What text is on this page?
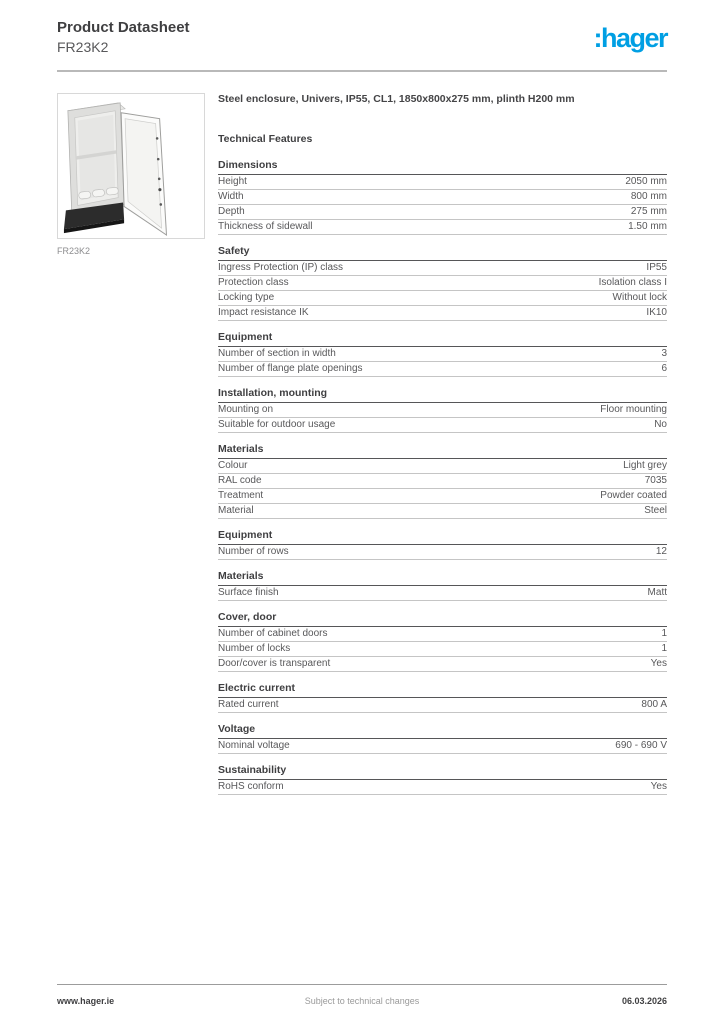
Product Datasheet
FR23K2	:hager
FR23K2
Steel enclosure, Univers, IP55, CL1, 1850x800x275 mm, plinth H200 mm
Technical Features
Dimensions
Height	2050 mm
Width	800 mm
Depth	275 mm
Thickness of sidewall	1.50 mm
Safety
Ingress Protection (IP) class	IP55
Protection class	Isolation class I
Locking type	Without lock
Impact resistance IK	IK10
Equipment
Number of section in width	3
Number of flange plate openings	6
Installation, mounting
Mounting on	Floor mounting
Suitable for outdoor usage	No
Materials
Colour	Light grey
RAL code	7035
Treatment	Powder coated
Material	Steel
Equipment
Number of rows	12
Materials
Surface finish	Matt
Cover, door
Number of cabinet doors	1
Number of locks	1
Door/cover is transparent	Yes
Electric current
Rated current	800 A
Voltage
Nominal voltage	690 - 690 V
Sustainability
RoHS conform	Yes
www.hager.ie	Subject to technical changes	06.03.2026
